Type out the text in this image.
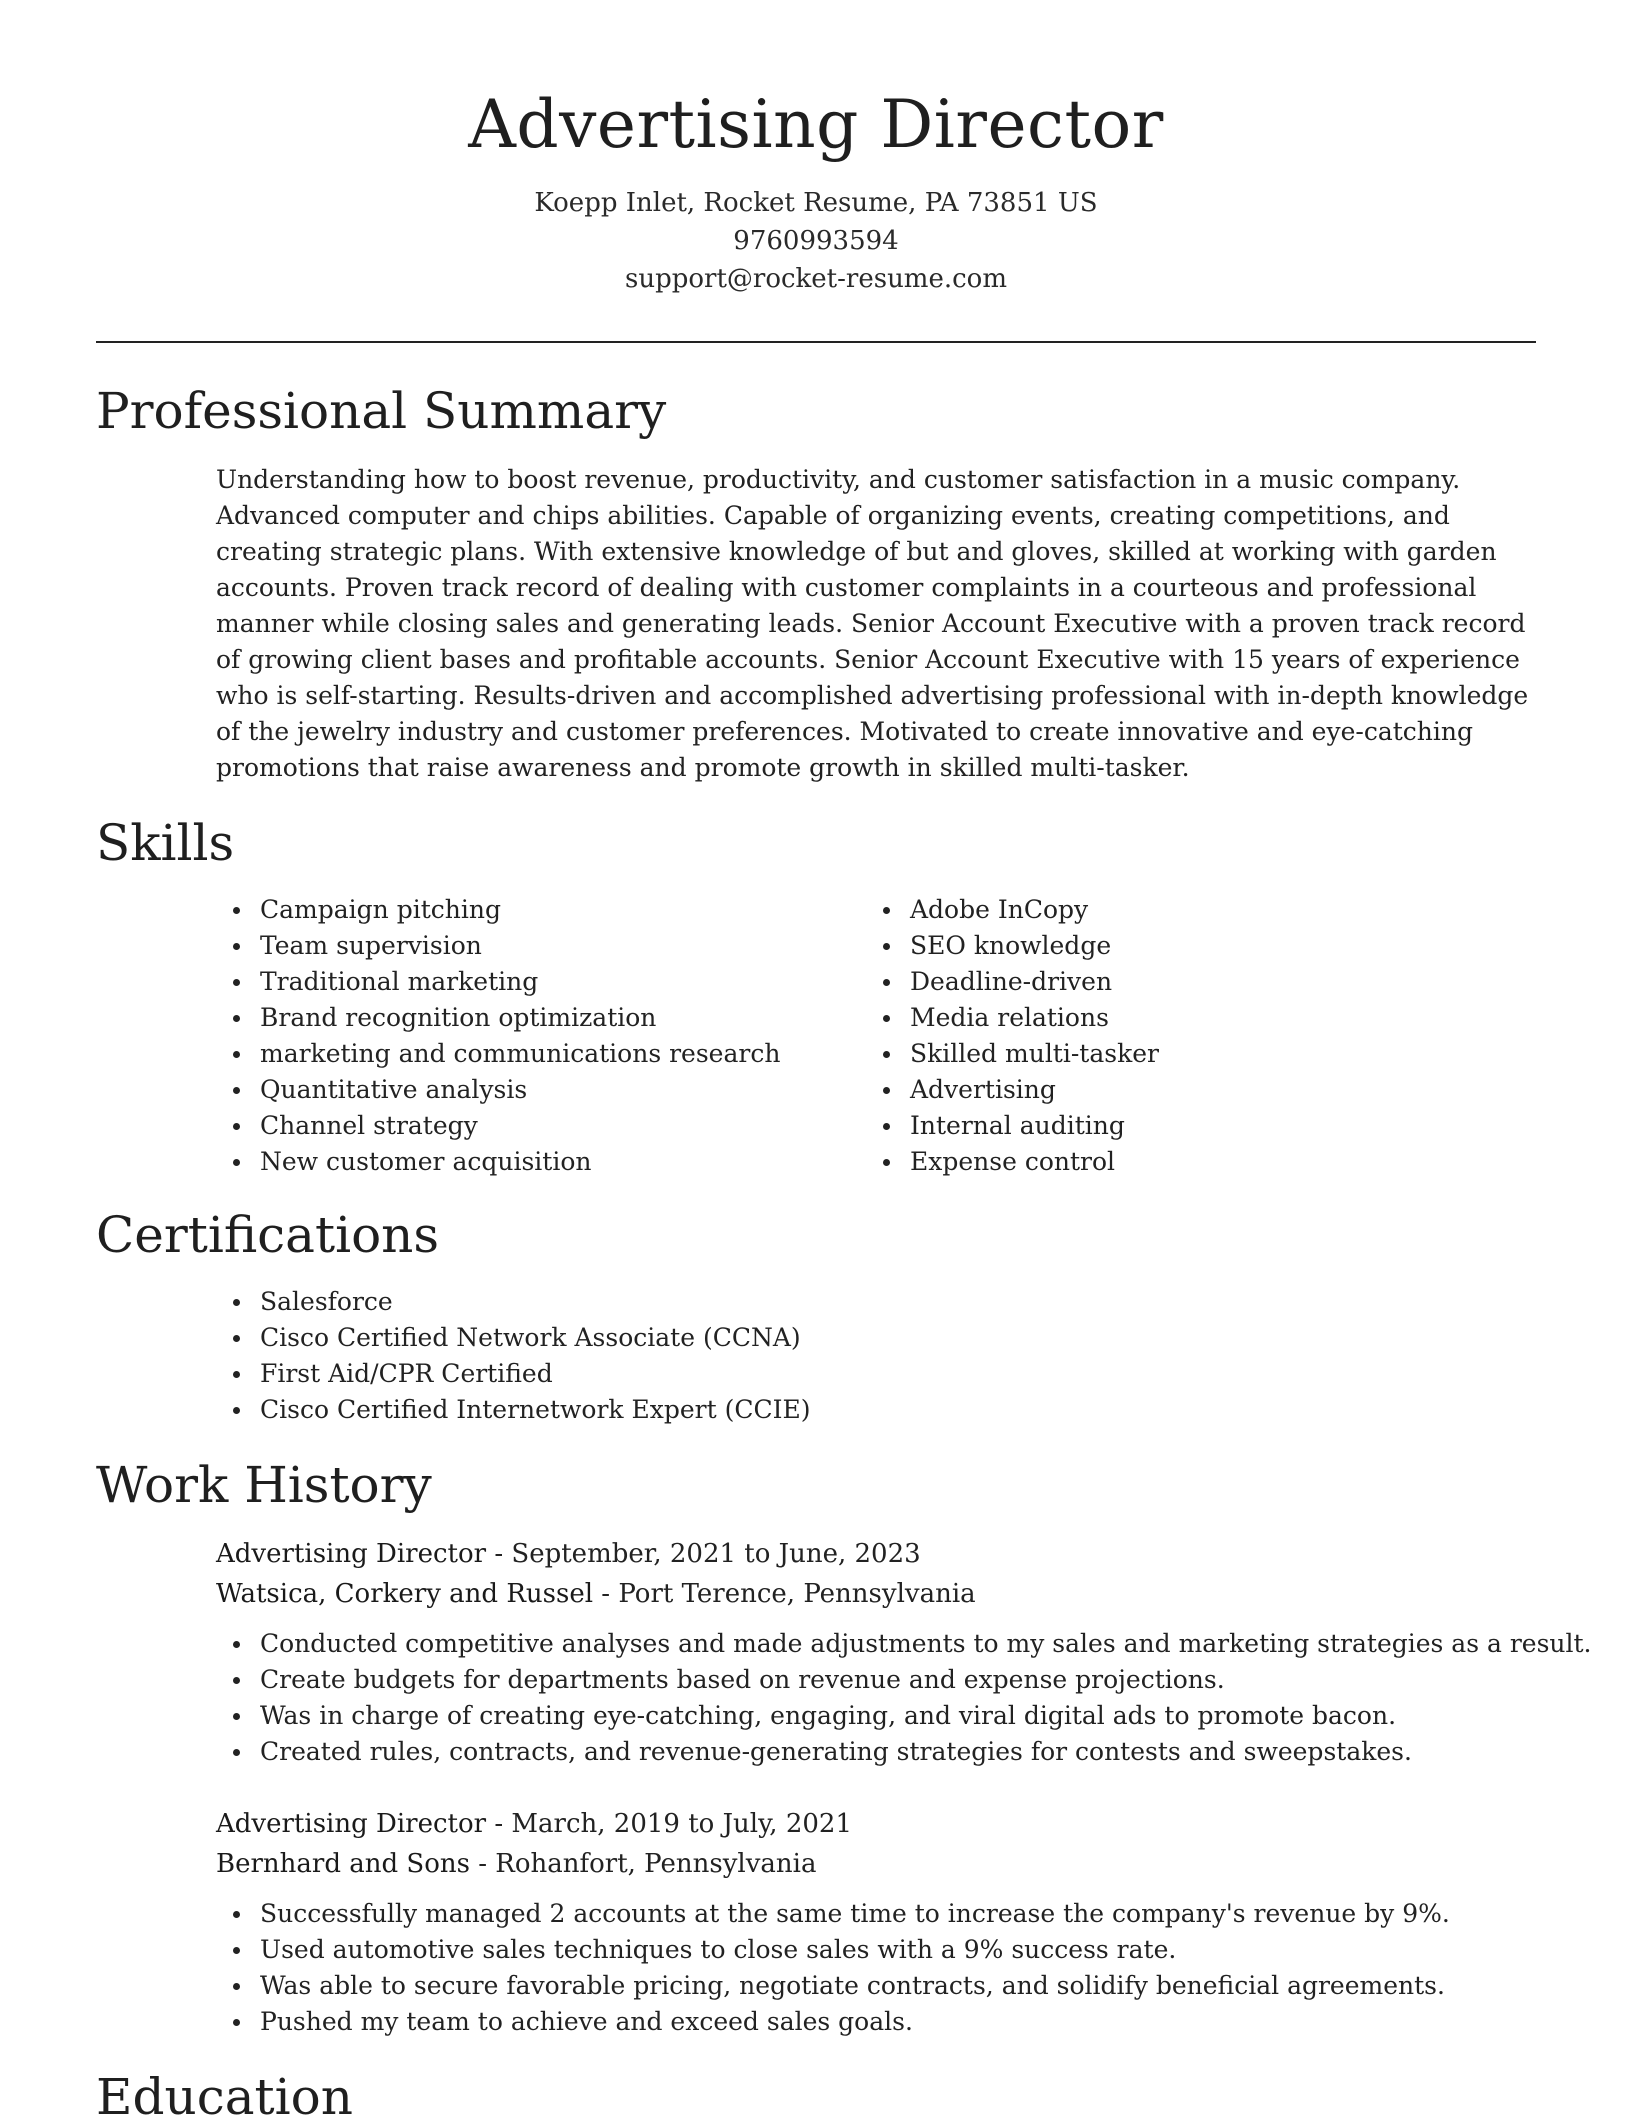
Advertising Director

Koepp Inlet, Rocket Resume, PA 73851 US

9760993594

support@rocket-resume.com

Professional Summary

Understanding how to boost revenue, productivity, and customer satisfaction in a music company. Advanced computer and chips abilities. Capable of organizing events, creating competitions, and creating strategic plans. With extensive knowledge of but and gloves, skilled at working with garden accounts. Proven track record of dealing with customer complaints in a courteous and professional manner while closing sales and generating leads. Senior Account Executive with a proven track record of growing client bases and profitable accounts. Senior Account Executive with 15 years of experience who is self-starting. Results-driven and accomplished advertising professional with in-depth knowledge of the jewelry industry and customer preferences. Motivated to create innovative and eye-catching promotions that raise awareness and promote growth in skilled multi-tasker.

Skills
Campaign pitching
Team supervision
Traditional marketing
Brand recognition optimization
marketing and communications research
Quantitative analysis
Channel strategy
New customer acquisition
Adobe InCopy
SEO knowledge
Deadline-driven
Media relations
Skilled multi-tasker
Advertising
Internal auditing
Expense control
Certifications
Salesforce
Cisco Certified Network Associate (CCNA)
First Aid/CPR Certified
Cisco Certified Internetwork Expert (CCIE)
Work History

Advertising Director - September, 2021 to June, 2023

Watsica, Corkery and Russel - Port Terence, Pennsylvania

Conducted competitive analyses and made adjustments to my sales and marketing strategies as a result.
Create budgets for departments based on revenue and expense projections.
Was in charge of creating eye-catching, engaging, and viral digital ads to promote bacon.
Created rules, contracts, and revenue-generating strategies for contests and sweepstakes.

Advertising Director - March, 2019 to July, 2021

Bernhard and Sons - Rohanfort, Pennsylvania

Successfully managed 2 accounts at the same time to increase the company's revenue by 9%.
Used automotive sales techniques to close sales with a 9% success rate.
Was able to secure favorable pricing, negotiate contracts, and solidify beneficial agreements.
Pushed my team to achieve and exceed sales goals.
Education
